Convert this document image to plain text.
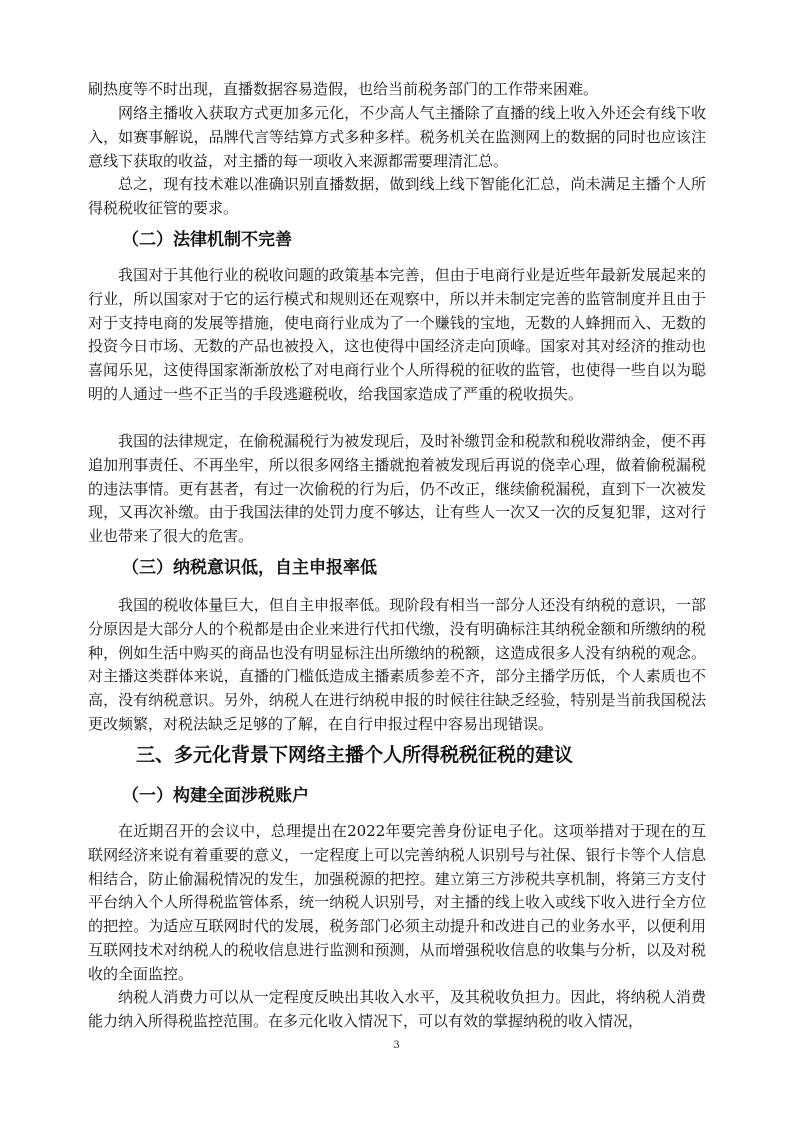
刷热度等不时出现，直播数据容易造假，也给当前税务部门的工作带来困难。

网络主播收入获取方式更加多元化，不少高人气主播除了直播的线上收入外还会有线下收入，如赛事解说，品牌代言等结算方式多种多样。税务机关在监测网上的数据的同时也应该注意线下获取的收益，对主播的每一项收入来源都需要理清汇总。

总之，现有技术难以准确识别直播数据，做到线上线下智能化汇总，尚未满足主播个人所得税税收征管的要求。

（二）法律机制不完善

我国对于其他行业的税收问题的政策基本完善，但由于电商行业是近些年最新发展起来的行业，所以国家对于它的运行模式和规则还在观察中，所以并未制定完善的监管制度并且由于对于支持电商的发展等措施，使电商行业成为了一个赚钱的宝地，无数的人蜂拥而入、无数的投资今日市场、无数的产品也被投入，这也使得中国经济走向顶峰。国家对其对经济的推动也喜闻乐见，这使得国家渐渐放松了对电商行业个人所得税的征收的监管，也使得一些自以为聪明的人通过一些不正当的手段逃避税收，给我国家造成了严重的税收损失。

我国的法律规定，在偷税漏税行为被发现后，及时补缴罚金和税款和税收滞纳金，便不再追加刑事责任、不再坐牢，所以很多网络主播就抱着被发现后再说的侥幸心理，做着偷税漏税的违法事情。更有甚者，有过一次偷税的行为后，仍不改正，继续偷税漏税，直到下一次被发现，又再次补缴。由于我国法律的处罚力度不够达，让有些人一次又一次的反复犯罪，这对行业也带来了很大的危害。

（三）纳税意识低，自主申报率低

我国的税收体量巨大，但自主申报率低。现阶段有相当一部分人还没有纳税的意识，一部分原因是大部分人的个税都是由企业来进行代扣代缴，没有明确标注其纳税金额和所缴纳的税种，例如生活中购买的商品也没有明显标注出所缴纳的税额，这造成很多人没有纳税的观念。对主播这类群体来说，直播的门槛低造成主播素质参差不齐，部分主播学历低，个人素质也不高，没有纳税意识。另外，纳税人在进行纳税申报的时候往往缺乏经验，特别是当前我国税法更改频繁，对税法缺乏足够的了解，在自行申报过程中容易出现错误。

三、多元化背景下网络主播个人所得税税征税的建议
（一）构建全面涉税账户

在近期召开的会议中，总理提出在2022年要完善身份证电子化。这项举措对于现在的互联网经济来说有着重要的意义，一定程度上可以完善纳税人识别号与社保、银行卡等个人信息相结合，防止偷漏税情况的发生，加强税源的把控。建立第三方涉税共享机制，将第三方支付平台纳入个人所得税监管体系，统一纳税人识别号，对主播的线上收入或线下收入进行全方位的把控。为适应互联网时代的发展，税务部门必须主动提升和改进自己的业务水平，以便利用互联网技术对纳税人的税收信息进行监测和预测，从而增强税收信息的收集与分析，以及对税收的全面监控。

纳税人消费力可以从一定程度反映出其收入水平，及其税收负担力。因此，将纳税人消费能力纳入所得税监控范围。在多元化收入情况下，可以有效的掌握纳税的收入情况，

3
